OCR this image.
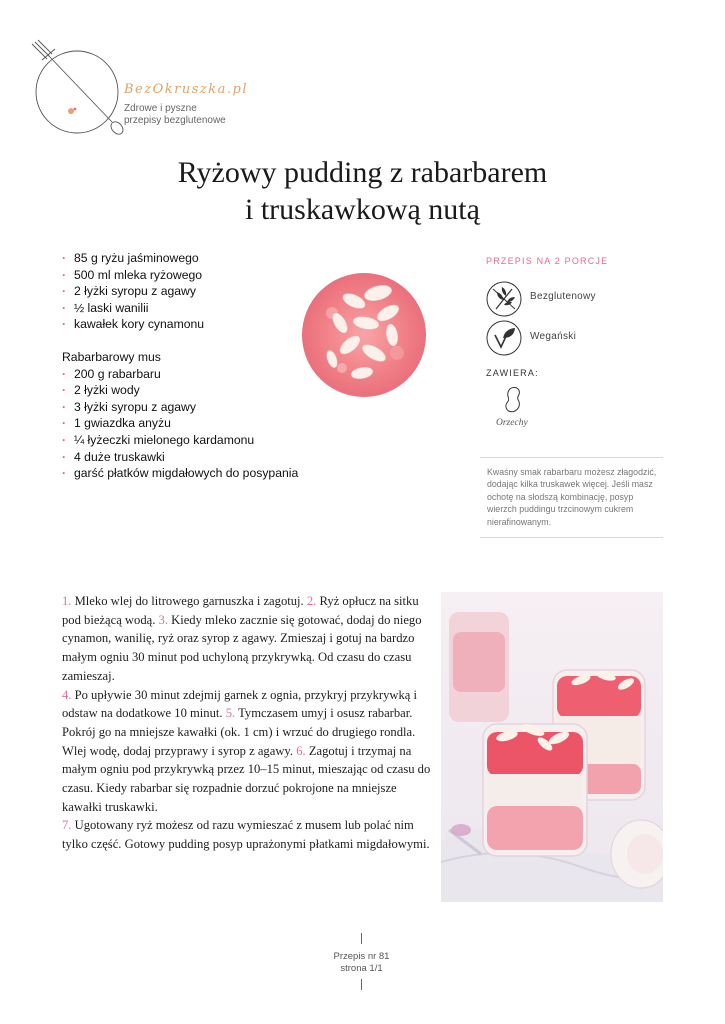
BezOkruszka.pl
Zdrowe i pyszne
przepisy bezglutenowe
Ryżowy pudding z rabarbarem
i truskawkową nutą
· 85 g ryżu jaśminowego
· 500 ml mleka ryżowego
· 2 łyżki syropu z agawy
· ½ laski wanilii
· kawałek kory cynamonu
Rabarbarowy mus
· 200 g rabarbaru
· 2 łyżki wody
· 3 łyżki syropu z agawy
· 1 gwiazdka anyżu
· ¼ łyżeczki mielonego kardamonu
· 4 duże truskawki
· garść płatków migdałowych do posypania
PRZEPIS NA 2 PORCJE
Bezglutenowy
Wegański
ZAWIERA:
Orzechy
Kwaśny smak rabarbaru możesz złagodzić, dodając kilka truskawek więcej. Jeśli masz ochotę na słodszą kombinację, posyp wierzch puddingu trzcinowym cukrem nierafinowanym.
1. Mleko wlej do litrowego garnuszka i zagotuj. 2. Ryż opłucz na sitku pod bieżącą wodą. 3. Kiedy mleko zacznie się gotować, dodaj do niego cynamon, wanilię, ryż oraz syrop z agawy. Zmieszaj i gotuj na bardzo małym ogniu 30 minut pod uchyloną przykrywką. Od czasu do czasu zamieszaj.
4. Po upływie 30 minut zdejmij garnek z ognia, przykryj przykrywką i odstaw na dodatkowe 10 minut. 5. Tymczasem umyj i osusz rabarbar. Pokrój go na mniejsze kawałki (ok. 1 cm) i wrzuć do drugiego rondla. Wlej wodę, dodaj przyprawy i syrop z agawy. 6. Zagotuj i trzymaj na małym ogniu pod przykrywką przez 10–15 minut, mieszając od czasu do czasu. Kiedy rabarbar się rozpadnie dorzuć pokrojone na mniejsze kawałki truskawki.
7. Ugotowany ryż możesz od razu wymieszać z musem lub polać nim tylko część. Gotowy pudding posyp uprażonymi płatkami migdałowymi.
Przepis nr 81
strona 1/1
